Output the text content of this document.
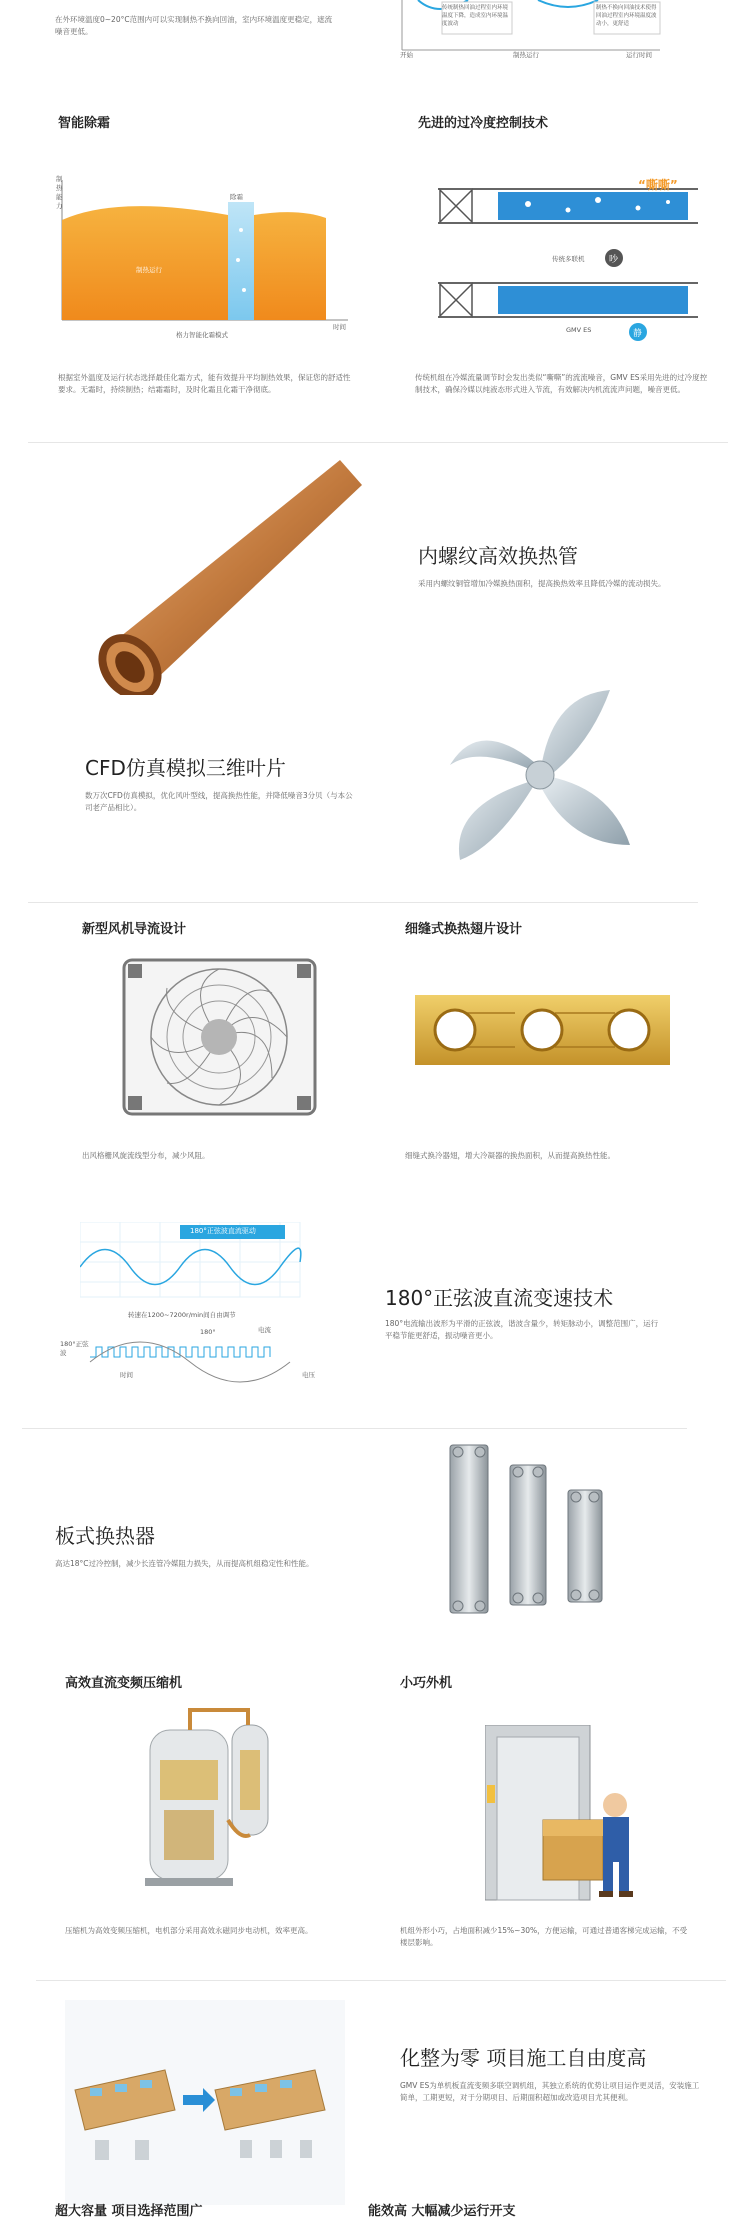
在外环境温度0~20°C范围内可以实现制热不换向回油，室内环境温度更稳定，遮流噪音更低。
传统制热回油过程室内环境温度下降，造成室内环境温度波动
制热不换向回油技术使得回油过程室内环境温度波动小，更舒适
开始	制热运行	运行时间
智能除霜
制热能力
制热运行
除霜
格力智能化霜模式
时间
根据室外温度及运行状态选择最佳化霜方式，能有效提升平均制热效果，保证您的舒适性要求。无霜时，持续制热；结霜霜时，及时化霜且化霜干净彻底。
先进的过冷度控制技术
“嘶嘶”
传统多联机	吵
GMV ES	静
传统机组在冷媒流量调节时会发出类似“嘶嘶”的流流噪音，GMV ES采用先进的过冷度控制技术，确保冷媒以纯液态形式进入节流，有效解决内机流流声问题，噪音更低。
内螺纹高效换热管
采用内螺纹铜管增加冷媒换热面积，提高换热效率且降低冷媒的流动损失。
CFD仿真模拟三维叶片
数万次CFD仿真模拟，优化风叶型线，提高换热性能，并降低噪音3分贝（与本公司老产品相比）。
新型风机导流设计
出风格栅风旋流线型分布，减少风阻。
细缝式换热翅片设计
细缝式换冷器翅，增大冷凝器的换热面积，从而提高换热性能。
180°正弦波直流驱动
转速在1200~7200r/min间自由调节
180°	电流
180°正弦波
时间	电压
180°正弦波直流变速技术
180°电流输出波形为平滑的正弦波，谐波含量少，转矩脉动小，调整范围广，运行平稳节能更舒适，振动噪音更小。
板式换热器
高达18°C过冷控制，减少长连管冷媒阻力损失，从而提高机组稳定性和性能。
高效直流变频压缩机
压缩机为高效变频压缩机，电机部分采用高效永磁同步电动机，效率更高。
小巧外机
机组外形小巧，占地面积减少15%~30%，方便运输，可通过普通客梯完成运输，不受楼层影响。
化整为零 项目施工自由度高
GMV ES为单机板直流变频多联空调机组，其独立系统的优势让项目运作更灵活，安装施工简单，工期更短，对于分期项目、后期面积超加或改造项目尤其便利。
超大容量 项目选择范围广	能效高 大幅减少运行开支
